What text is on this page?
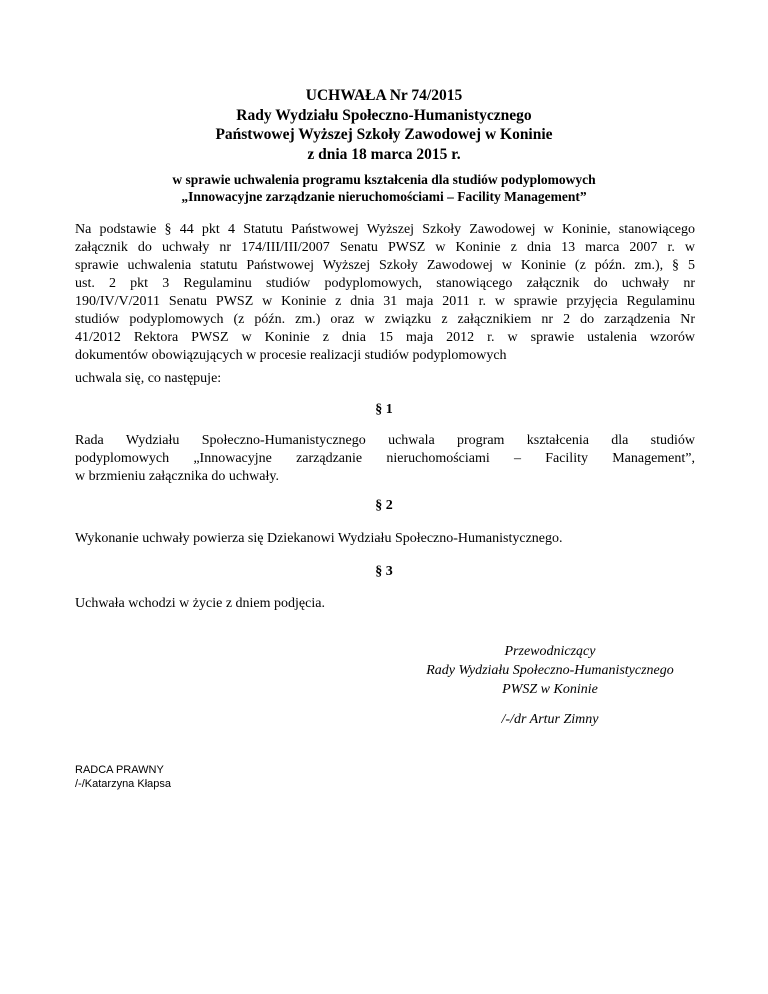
UCHWAŁA Nr 74/2015
Rady Wydziału Społeczno-Humanistycznego
Państwowej Wyższej Szkoły Zawodowej w Koninie
z dnia 18 marca 2015 r.
w sprawie uchwalenia programu kształcenia dla studiów podyplomowych
„Innowacyjne zarządzanie nieruchomościami – Facility Management”
Na podstawie § 44 pkt 4 Statutu Państwowej Wyższej Szkoły Zawodowej w Koninie, stanowiącego
załącznik do uchwały nr 174/III/III/2007 Senatu PWSZ w Koninie z dnia 13 marca 2007 r. w
sprawie uchwalenia statutu Państwowej Wyższej Szkoły Zawodowej w Koninie (z późn. zm.), § 5
ust. 2 pkt 3 Regulaminu studiów podyplomowych, stanowiącego załącznik do uchwały nr
190/IV/V/2011 Senatu PWSZ w Koninie z dnia 31 maja 2011 r. w sprawie przyjęcia Regulaminu
studiów podyplomowych (z późn. zm.) oraz w związku z załącznikiem nr 2 do zarządzenia Nr
41/2012 Rektora PWSZ w Koninie z dnia 15 maja 2012 r. w sprawie ustalenia wzorów
dokumentów obowiązujących w procesie realizacji studiów podyplomowych
uchwala się, co następuje:
§ 1
Rada Wydziału Społeczno-Humanistycznego uchwala program kształcenia dla studiów
podyplomowych „Innowacyjne zarządzanie nieruchomościami – Facility Management”,
w brzmieniu załącznika do uchwały.
§ 2
Wykonanie uchwały powierza się Dziekanowi Wydziału Społeczno-Humanistycznego.
§ 3
Uchwała wchodzi w życie z dniem podjęcia.
Przewodniczący
Rady Wydziału Społeczno-Humanistycznego
PWSZ w Koninie
/-/dr Artur Zimny
RADCA PRAWNY
/-/Katarzyna Kłapsa
